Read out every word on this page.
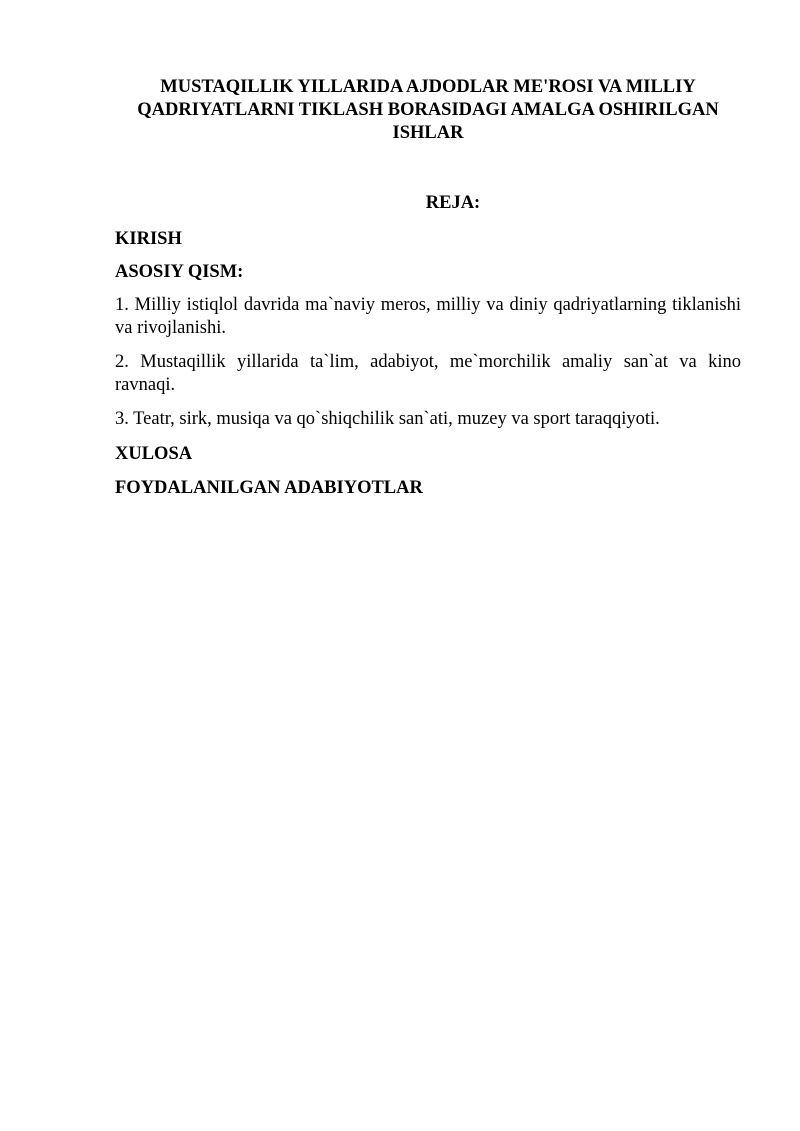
MUSTAQILLIK YILLARIDA AJDODLAR ME'ROSI VA MILLIY
QADRIYATLARNI TIKLASH BORASIDAGI AMALGA OSHIRILGAN
ISHLAR
REJA:
KIRISH
ASOSIY QISM:
1. Milliy istiqlol davrida ma`naviy meros, milliy va diniy qadriyatlarning tiklanishi
va rivojlanishi.
2. Mustaqillik yillarida ta`lim, adabiyot, me`morchilik amaliy san`at va kino
ravnaqi.
3. Teatr, sirk, musiqa va qo`shiqchilik san`ati, muzey va sport taraqqiyoti.
XULOSA
FOYDALANILGAN ADABIYOTLAR
